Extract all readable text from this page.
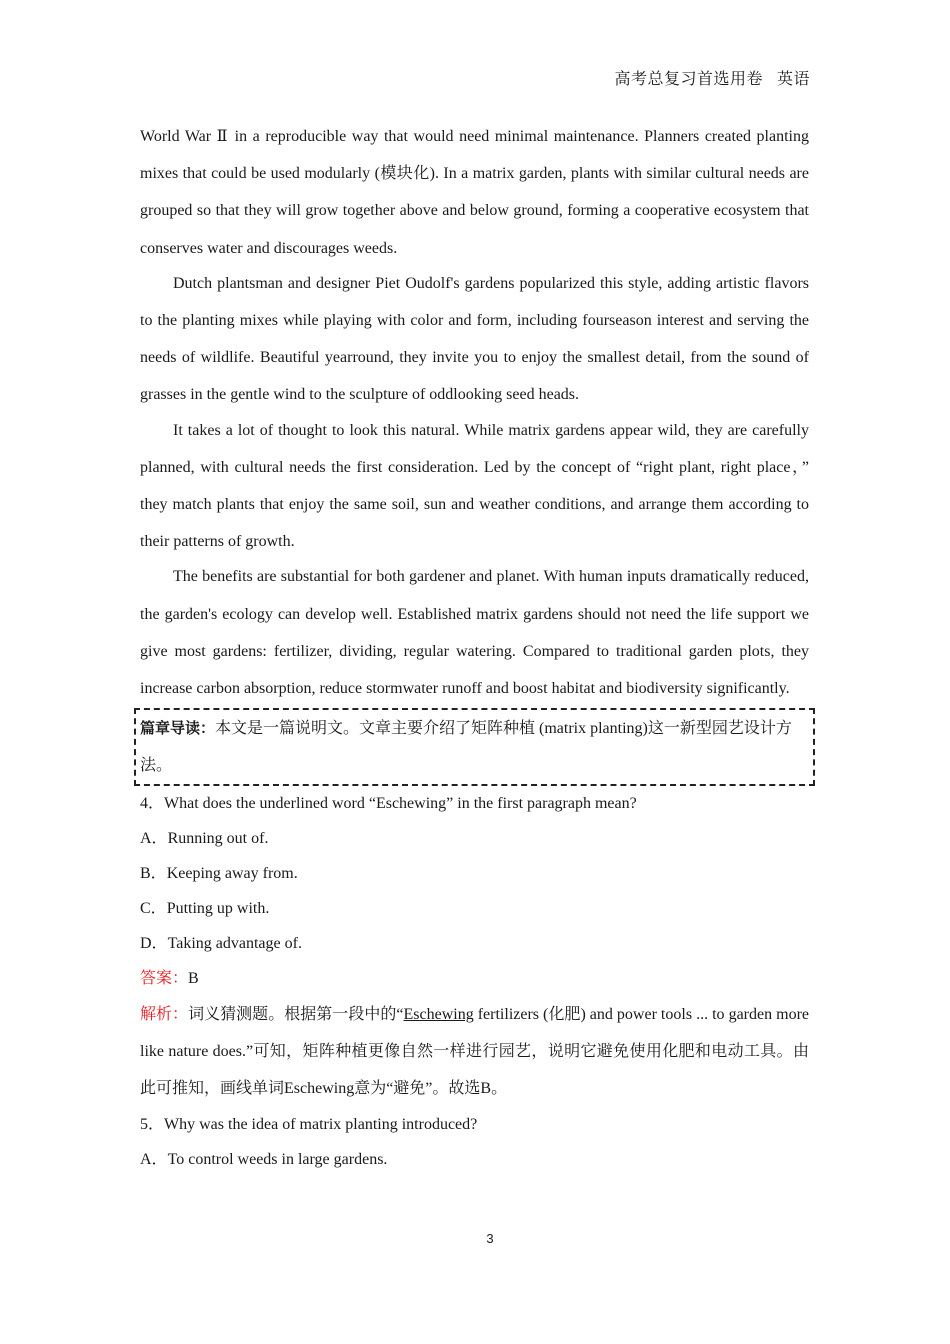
高考总复习首选用卷 英语

World War Ⅱ in a reproducible way that would need minimal maintenance. Planners created planting mixes that could be used modularly (模块化). In a matrix garden, plants with similar cultural needs are grouped so that they will grow together above and below ground, forming a cooperative ecosystem that conserves water and discourages weeds.

Dutch plantsman and designer Piet Oudolf's gardens popularized this style, adding artistic flavors to the planting mixes while playing with color and form, including fourseason interest and serving the needs of wildlife. Beautiful yearround, they invite you to enjoy the smallest detail, from the sound of grasses in the gentle wind to the sculpture of oddlooking seed heads.

It takes a lot of thought to look this natural. While matrix gardens appear wild, they are carefully planned, with cultural needs the first consideration. Led by the concept of “right plant, right place，” they match plants that enjoy the same soil, sun and weather conditions, and arrange them according to their patterns of growth.

The benefits are substantial for both gardener and planet. With human inputs dramatically reduced, the garden's ecology can develop well. Established matrix gardens should not need the life support we give most gardens: fertilizer, dividing, regular watering. Compared to traditional garden plots, they increase carbon absorption, reduce stormwater runoff and boost habitat and biodiversity significantly.

篇章导读：本文是一篇说明文。文章主要介绍了矩阵种植 (matrix planting)这一新型园艺设计方法。

4．What does the underlined word “Eschewing” in the first paragraph mean?

A．Running out of.

B．Keeping away from.

C．Putting up with.

D．Taking advantage of.

答案：B

解析：词义猜测题。根据第一段中的“Eschewing fertilizers (化肥) and power tools ... to garden more like nature does.”可知，矩阵种植更像自然一样进行园艺，说明它避免使用化肥和电动工具。由此可推知，画线单词Eschewing意为“避免”。故选B。

5．Why was the idea of matrix planting introduced?

A．To control weeds in large gardens.

3
